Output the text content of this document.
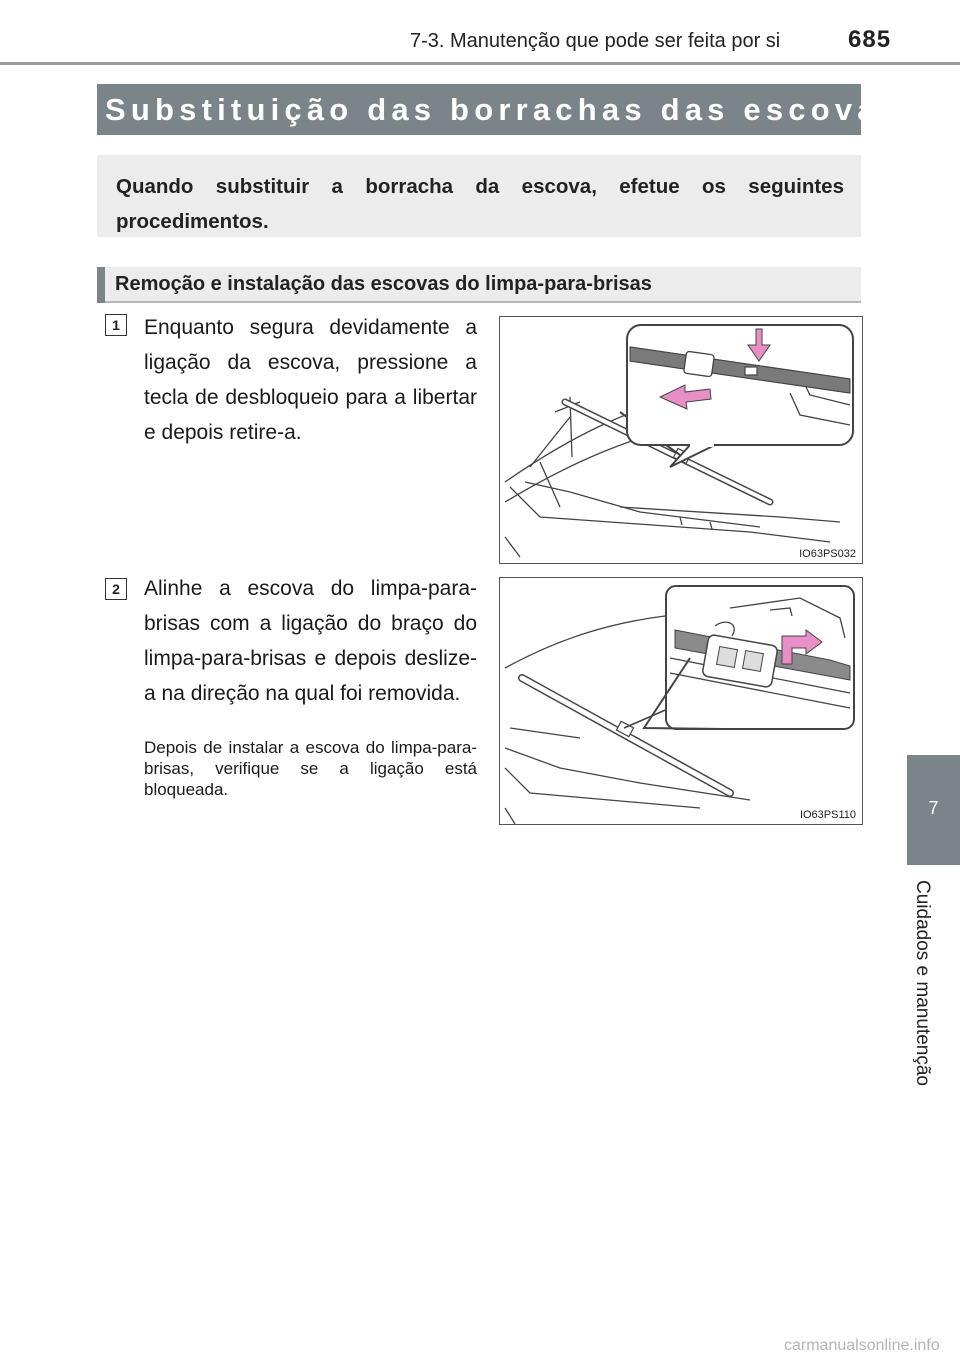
7-3. Manutenção que pode ser feita por si	685
Substituição das borrachas das escovas
Quando substituir a borracha da escova, efetue os seguintes procedimentos.
Remoção e instalação das escovas do limpa-para-brisas
1	Enquanto segura devidamente a ligação da escova, pressione a tecla de desbloqueio para a libertar e depois retire-a.
IO63PS032
2	Alinhe a escova do limpa-para-brisas com a ligação do braço do limpa-para-brisas e depois deslize-a na direção na qual foi removida.
Depois de instalar a escova do limpa-para-brisas, verifique se a ligação está bloqueada.
IO63PS110	7
Cuidados e manutenção
carmanualsonline.info
